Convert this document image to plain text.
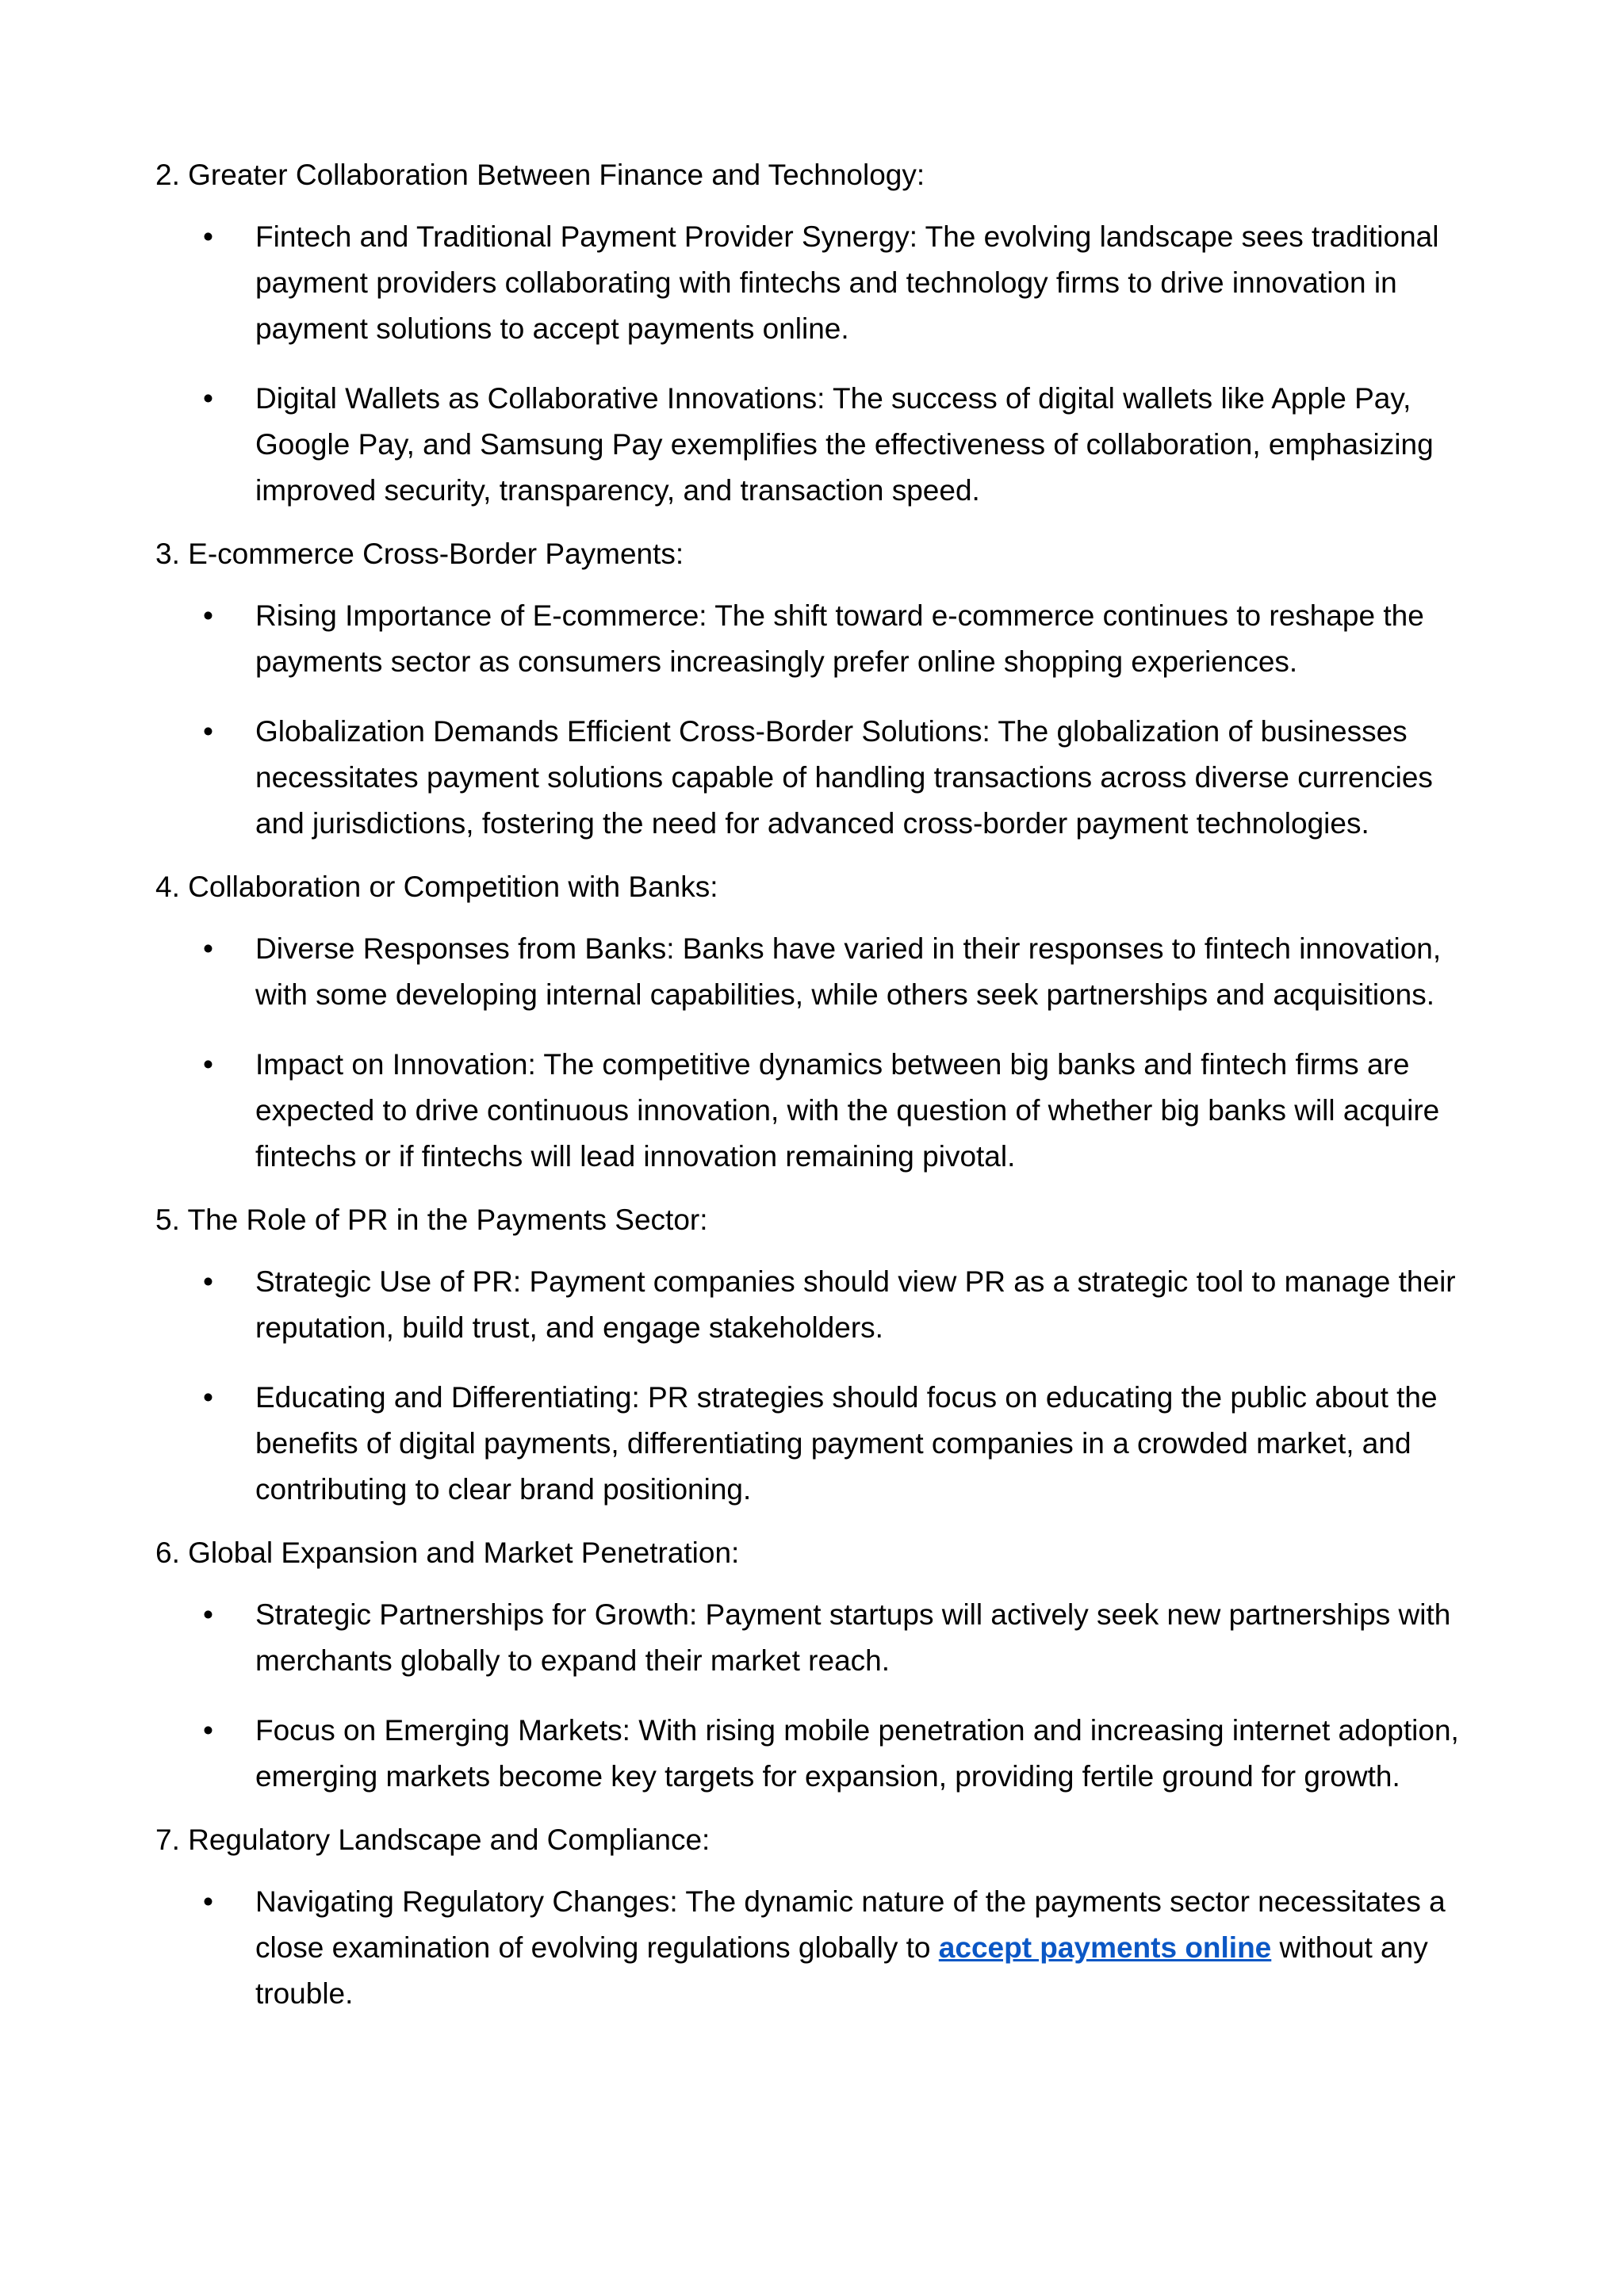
2. Greater Collaboration Between Finance and Technology:

• Fintech and Traditional Payment Provider Synergy: The evolving landscape sees traditional payment providers collaborating with fintechs and technology firms to drive innovation in payment solutions to accept payments online.
• Digital Wallets as Collaborative Innovations: The success of digital wallets like Apple Pay, Google Pay, and Samsung Pay exemplifies the effectiveness of collaboration, emphasizing improved security, transparency, and transaction speed.

3. E-commerce Cross-Border Payments:

• Rising Importance of E-commerce: The shift toward e-commerce continues to reshape the payments sector as consumers increasingly prefer online shopping experiences.
• Globalization Demands Efficient Cross-Border Solutions: The globalization of businesses necessitates payment solutions capable of handling transactions across diverse currencies and jurisdictions, fostering the need for advanced cross-border payment technologies.

4. Collaboration or Competition with Banks:

• Diverse Responses from Banks: Banks have varied in their responses to fintech innovation, with some developing internal capabilities, while others seek partnerships and acquisitions.
• Impact on Innovation: The competitive dynamics between big banks and fintech firms are expected to drive continuous innovation, with the question of whether big banks will acquire fintechs or if fintechs will lead innovation remaining pivotal.

5. The Role of PR in the Payments Sector:

• Strategic Use of PR: Payment companies should view PR as a strategic tool to manage their reputation, build trust, and engage stakeholders.
• Educating and Differentiating: PR strategies should focus on educating the public about the benefits of digital payments, differentiating payment companies in a crowded market, and contributing to clear brand positioning.

6. Global Expansion and Market Penetration:

• Strategic Partnerships for Growth: Payment startups will actively seek new partnerships with merchants globally to expand their market reach.
• Focus on Emerging Markets: With rising mobile penetration and increasing internet adoption, emerging markets become key targets for expansion, providing fertile ground for growth.

7. Regulatory Landscape and Compliance:

• Navigating Regulatory Changes: The dynamic nature of the payments sector necessitates a close examination of evolving regulations globally to accept payments online without any trouble.
